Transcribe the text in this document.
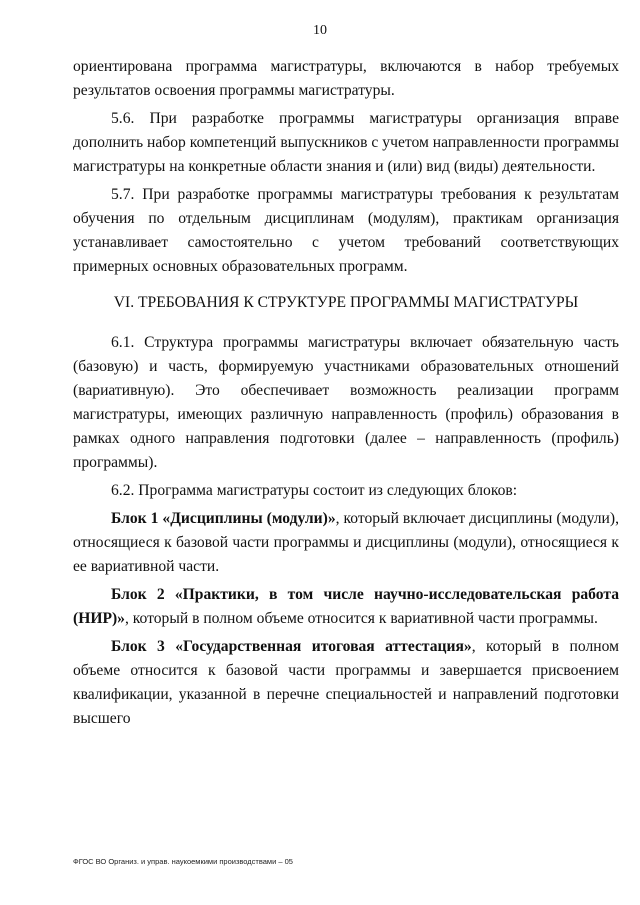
10

ориентирована программа магистратуры, включаются в набор требуемых результатов освоения программы магистратуры.

5.6. При разработке программы магистратуры организация вправе дополнить набор компетенций выпускников с учетом направленности программы магистратуры на конкретные области знания и (или) вид (виды) деятельности.

5.7. При разработке программы магистратуры требования к результатам обучения по отдельным дисциплинам (модулям), практикам организация устанавливает самостоятельно с учетом требований соответствующих примерных основных образовательных программ.

VI. ТРЕБОВАНИЯ К СТРУКТУРЕ ПРОГРАММЫ МАГИСТРАТУРЫ

6.1. Структура программы магистратуры включает обязательную часть (базовую) и часть, формируемую участниками образовательных отношений (вариативную). Это обеспечивает возможность реализации программ магистратуры, имеющих различную направленность (профиль) образования в рамках одного направления подготовки (далее – направленность (профиль) программы).

6.2. Программа магистратуры состоит из следующих блоков:

Блок 1 «Дисциплины (модули)», который включает дисциплины (модули), относящиеся к базовой части программы и дисциплины (модули), относящиеся к ее вариативной части.

Блок 2 «Практики, в том числе научно-исследовательская работа (НИР)», который в полном объеме относится к вариативной части программы.

Блок 3 «Государственная итоговая аттестация», который в полном объеме относится к базовой части программы и завершается присвоением квалификации, указанной в перечне специальностей и направлений подготовки высшего

ФГОС ВО Организ. и управ. наукоемкими производствами – 05
